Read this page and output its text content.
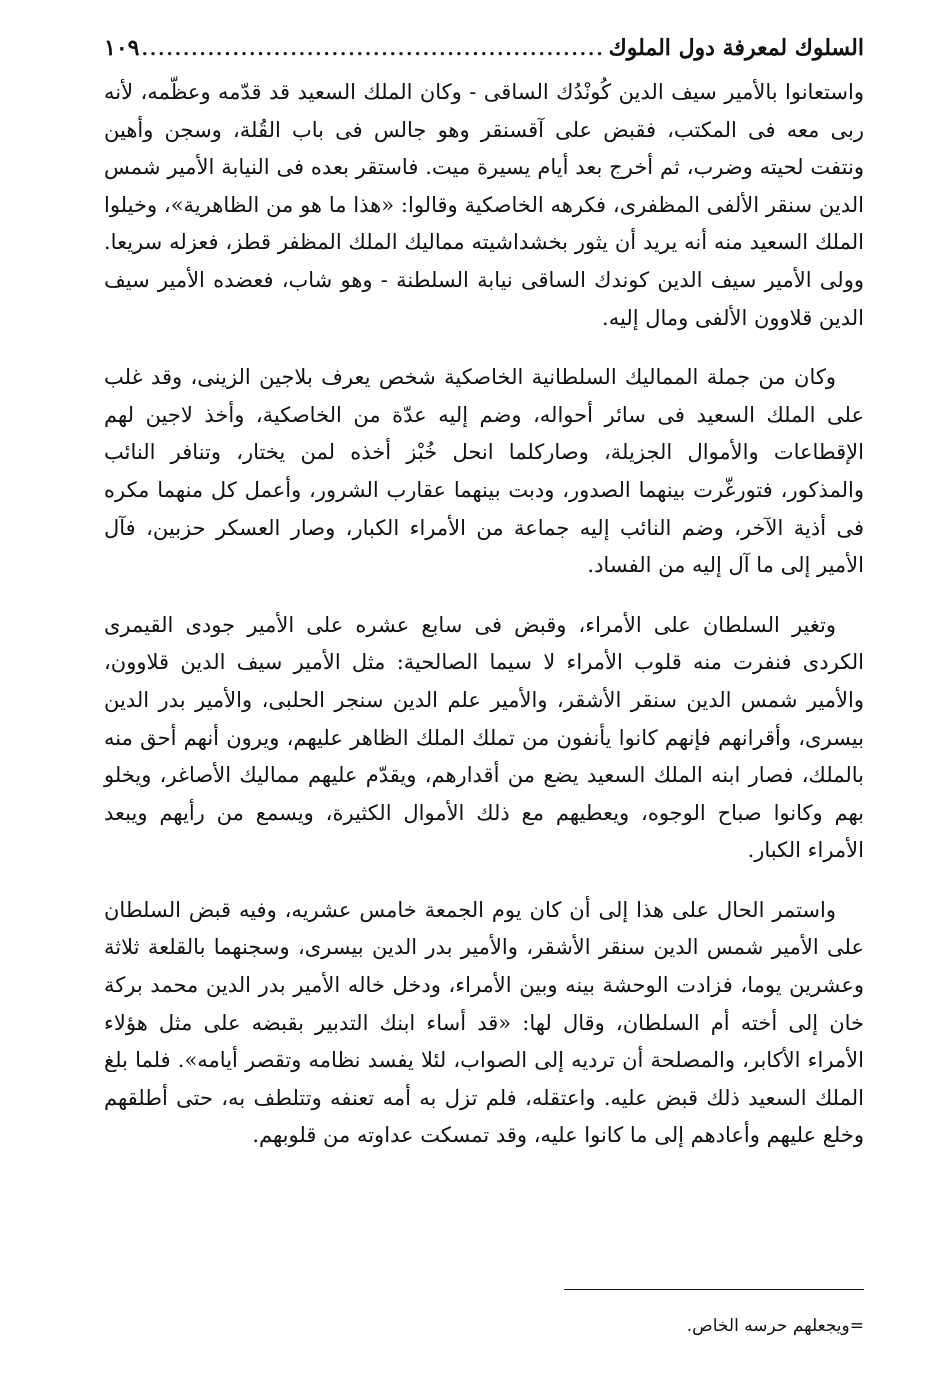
السلوك لمعرفة دول الملوك
.....
١٠٩

واستعانوا بالأمير سيف الدين كُونْدُك الساقى - وكان الملك السعيد قد قدّمه وعظّمه، لأنه ربى معه فى المكتب، فقبض على آقسنقر وهو جالس فى باب القُلة، وسجن وأهين ونتفت لحيته وضرب، ثم أخرج بعد أيام يسيرة ميت. فاستقر بعده فى النيابة الأمير شمس الدين سنقر الألفى المظفرى، فكرهه الخاصكية وقالوا: «هذا ما هو من الظاهرية»، وخيلوا الملك السعيد منه أنه يريد أن يثور بخشداشيته مماليك الملك المظفر قطز، فعزله سريعا. وولى الأمير سيف الدين كوندك الساقى نيابة السلطنة - وهو شاب، فعضده الأمير سيف الدين قلاوون الألفى ومال إليه.

وكان من جملة المماليك السلطانية الخاصكية شخص يعرف بلاجين الزينى، وقد غلب على الملك السعيد فى سائر أحواله، وضم إليه عدّة من الخاصكية، وأخذ لاجين لهم الإقطاعات والأموال الجزيلة، وصاركلما انحل خُبْز أخذه لمن يختار، وتنافر النائب والمذكور، فتورغّرت بينهما الصدور، ودبت بينهما عقارب الشرور، وأعمل كل منهما مكره فى أذية الآخر، وضم النائب إليه جماعة من الأمراء الكبار، وصار العسكر حزبين، فآل الأمير إلى ما آل إليه من الفساد.

وتغير السلطان على الأمراء، وقبض فى سابع عشره على الأمير جودى القيمرى الكردى فنفرت منه قلوب الأمراء لا سيما الصالحية: مثل الأمير سيف الدين قلاوون، والأمير شمس الدين سنقر الأشقر، والأمير علم الدين سنجر الحلبى، والأمير بدر الدين بيسرى، وأقرانهم فإنهم كانوا يأنفون من تملك الملك الظاهر عليهم، ويرون أنهم أحق منه بالملك، فصار ابنه الملك السعيد يضع من أقدارهم، ويقدّم عليهم مماليك الأصاغر، ويخلو بهم وكانوا صباح الوجوه، ويعطيهم مع ذلك الأموال الكثيرة، ويسمع من رأيهم ويبعد الأمراء الكبار.

واستمر الحال على هذا إلى أن كان يوم الجمعة خامس عشريه، وفيه قبض السلطان على الأمير شمس الدين سنقر الأشقر، والأمير بدر الدين بيسرى، وسجنهما بالقلعة ثلاثة وعشرين يوما، فزادت الوحشة بينه وبين الأمراء، ودخل خاله الأمير بدر الدين محمد بركة خان إلى أخته أم السلطان، وقال لها: «قد أساء ابنك التدبير بقبضه على مثل هؤلاء الأمراء الأكابر، والمصلحة أن ترديه إلى الصواب، لئلا يفسد نظامه وتقصر أيامه». فلما بلغ الملك السعيد ذلك قبض عليه. واعتقله، فلم تزل به أمه تعنفه وتتلطف به، حتى أطلقهم وخلع عليهم وأعادهم إلى ما كانوا عليه، وقد تمسكت عداوته من قلوبهم.

=ويجعلهم حرسه الخاص.
